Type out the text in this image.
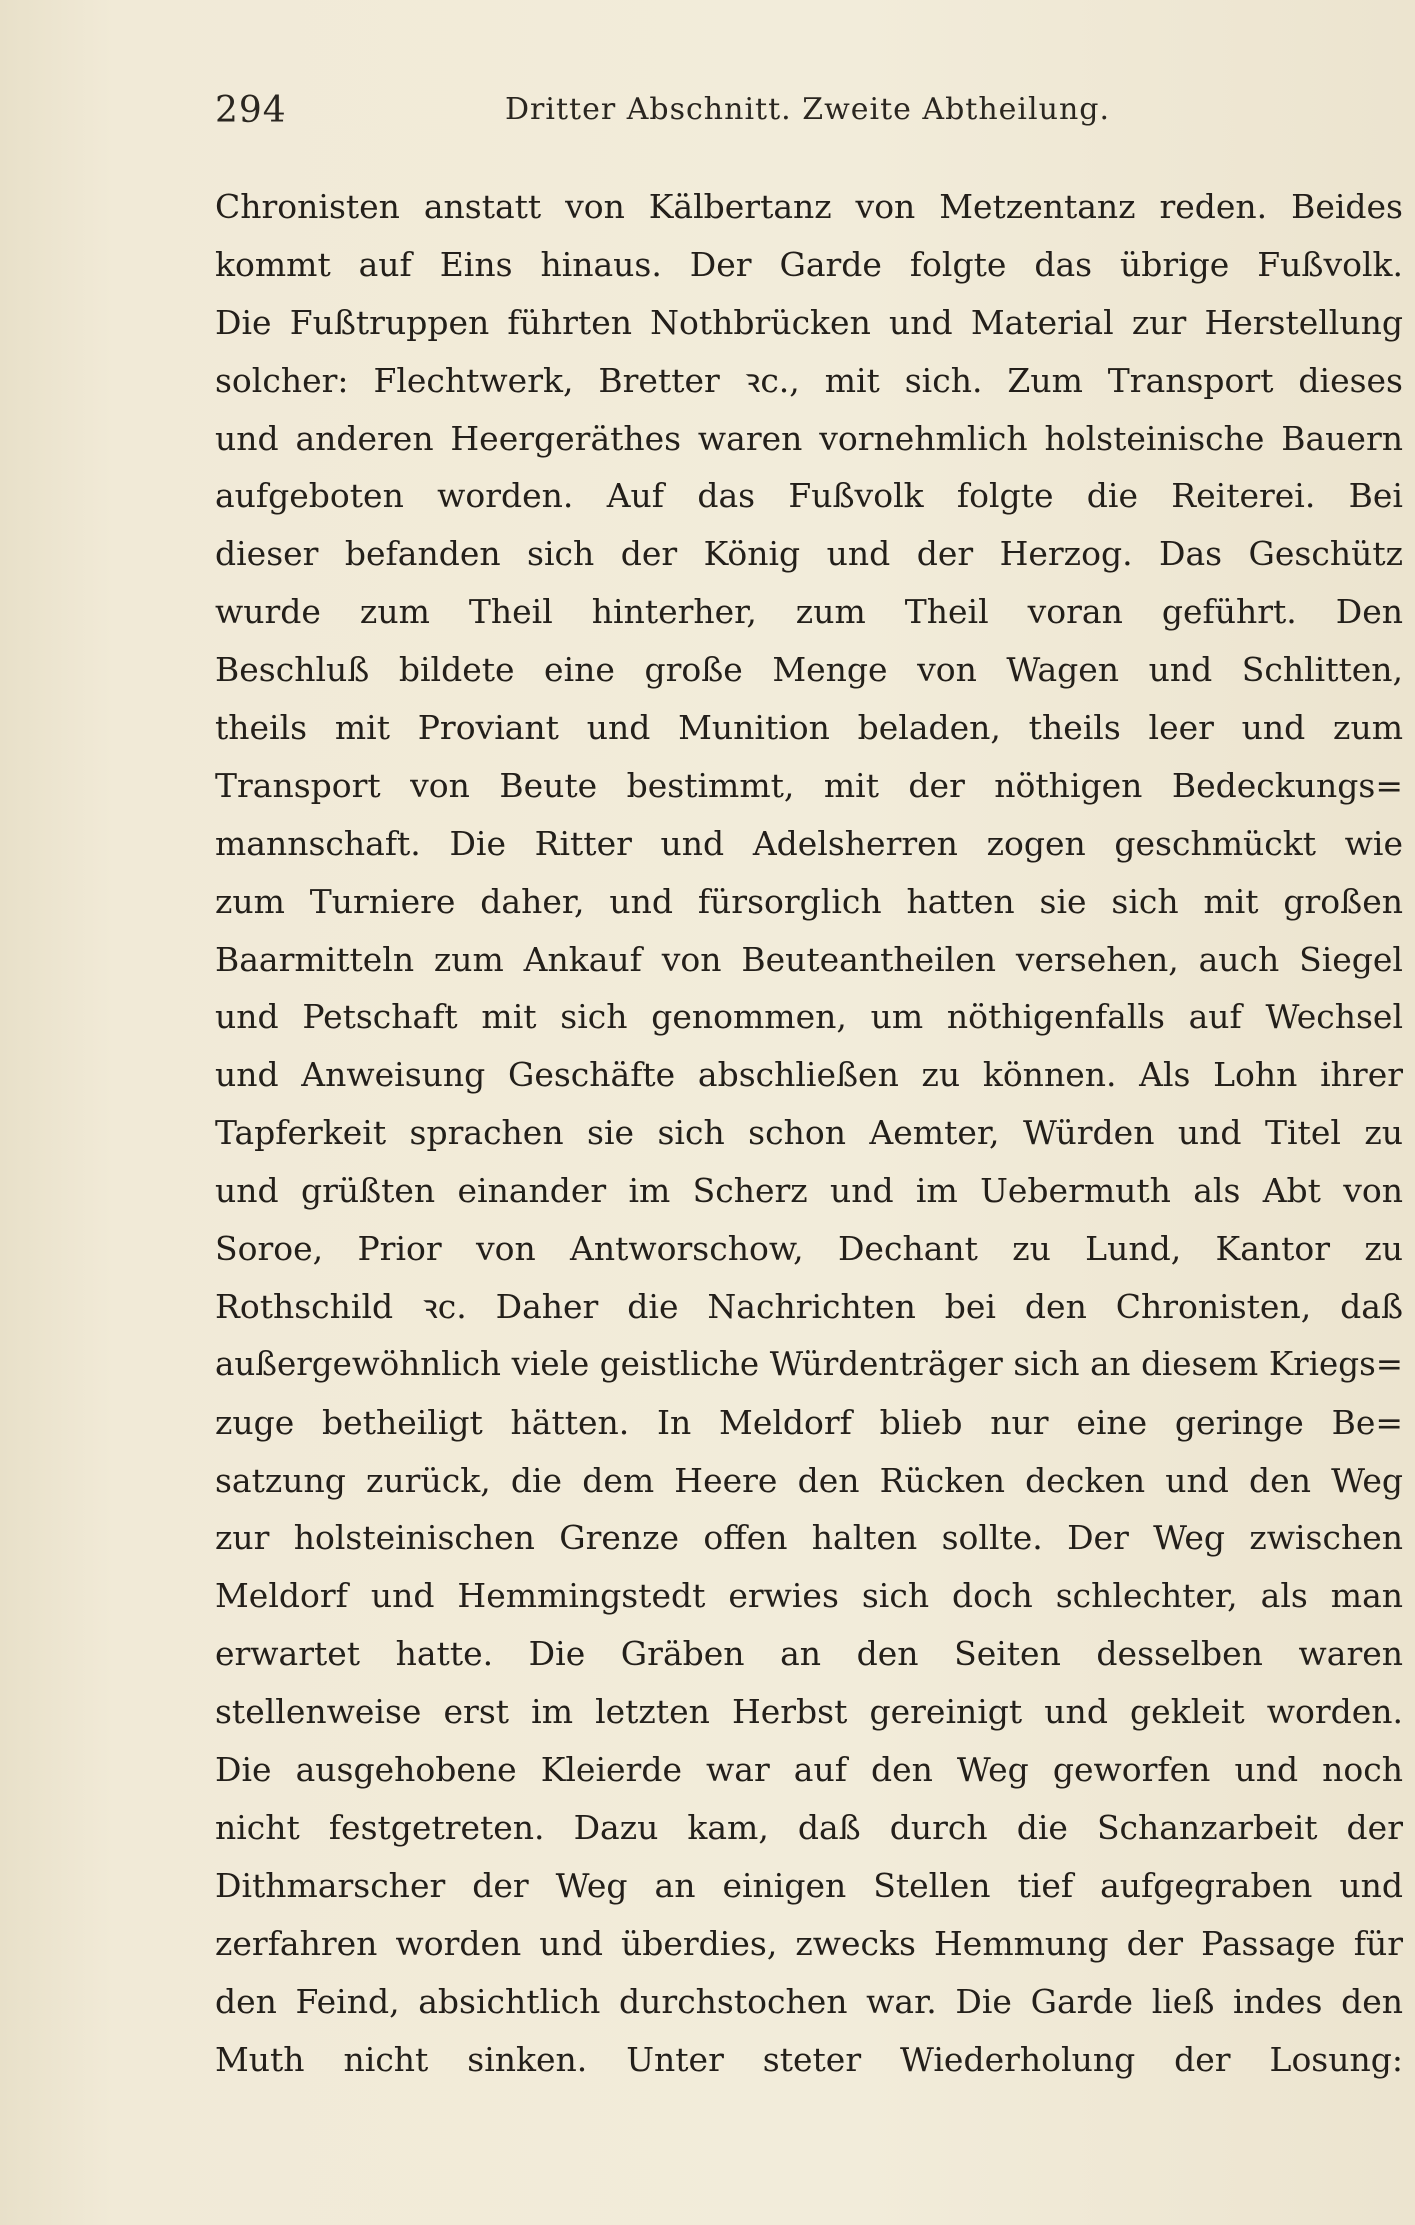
294	Dritter Abschnitt. Zweite Abtheilung.
Chronisten anstatt von Kälbertanz von Metzentanz reden. Beides
kommt auf Eins hinaus. Der Garde folgte das übrige Fußvolk.
Die Fußtruppen führten Nothbrücken und Material zur Herstellung
solcher: Flechtwerk, Bretter ꝛc., mit sich. Zum Transport dieses
und anderen Heergeräthes waren vornehmlich holsteinische Bauern
aufgeboten worden. Auf das Fußvolk folgte die Reiterei. Bei
dieser befanden sich der König und der Herzog. Das Geschütz
wurde zum Theil hinterher, zum Theil voran geführt. Den
Beschluß bildete eine große Menge von Wagen und Schlitten,
theils mit Proviant und Munition beladen, theils leer und zum
Transport von Beute bestimmt, mit der nöthigen Bedeckungs=
mannschaft. Die Ritter und Adelsherren zogen geschmückt wie
zum Turniere daher, und fürsorglich hatten sie sich mit großen
Baarmitteln zum Ankauf von Beuteantheilen versehen, auch Siegel
und Petschaft mit sich genommen, um nöthigenfalls auf Wechsel
und Anweisung Geschäfte abschließen zu können. Als Lohn ihrer
Tapferkeit sprachen sie sich schon Aemter, Würden und Titel zu
und grüßten einander im Scherz und im Uebermuth als Abt von
Soroe, Prior von Antworschow, Dechant zu Lund, Kantor zu
Rothschild ꝛc. Daher die Nachrichten bei den Chronisten, daß
außergewöhnlich viele geistliche Würdenträger sich an diesem Kriegs=
zuge betheiligt hätten. In Meldorf blieb nur eine geringe Be=
satzung zurück, die dem Heere den Rücken decken und den Weg
zur holsteinischen Grenze offen halten sollte. Der Weg zwischen
Meldorf und Hemmingstedt erwies sich doch schlechter, als man
erwartet hatte. Die Gräben an den Seiten desselben waren
stellenweise erst im letzten Herbst gereinigt und gekleit worden.
Die ausgehobene Kleierde war auf den Weg geworfen und noch
nicht festgetreten. Dazu kam, daß durch die Schanzarbeit der
Dithmarscher der Weg an einigen Stellen tief aufgegraben und
zerfahren worden und überdies, zwecks Hemmung der Passage für
den Feind, absichtlich durchstochen war. Die Garde ließ indes den
Muth nicht sinken. Unter steter Wiederholung der Losung:
